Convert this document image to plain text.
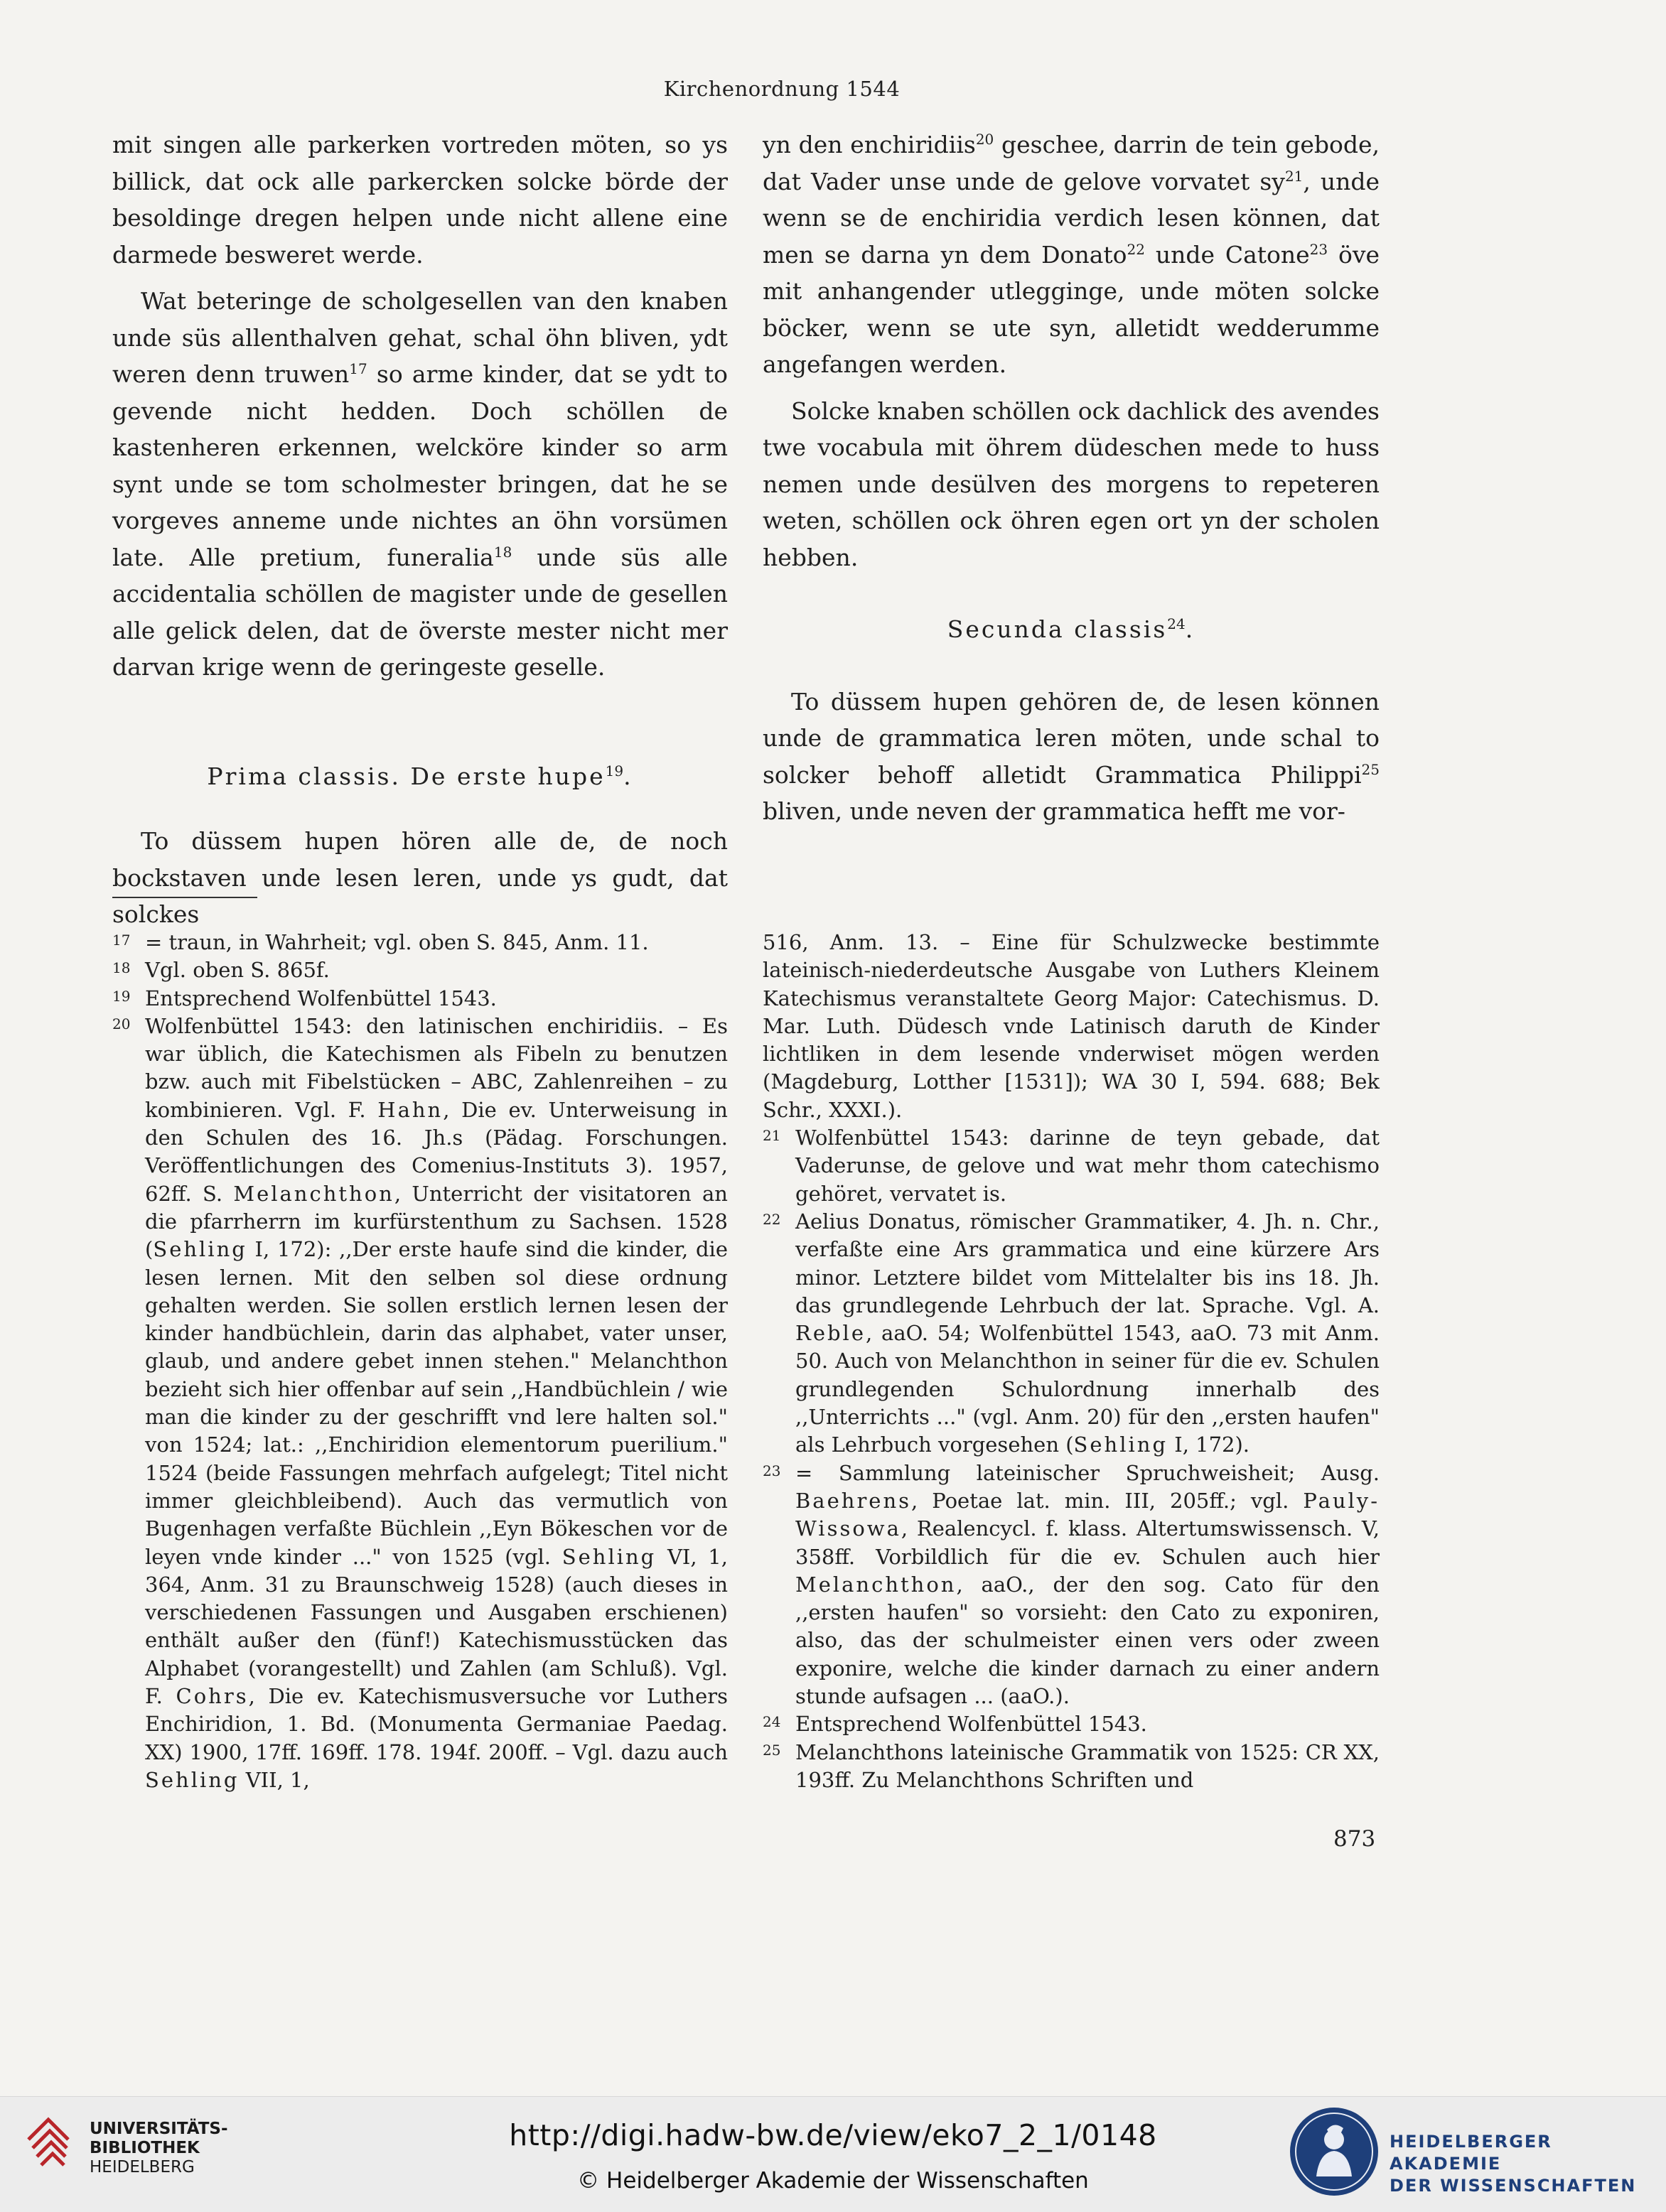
Kirchenordnung 1544

mit singen alle parkerken vortreden möten, so ys billick, dat ock alle parkercken solcke börde der besoldinge dregen helpen unde nicht allene eine darmede besweret werde.

Wat beteringe de scholgesellen van den knaben unde süs allenthalven gehat, schal öhn bliven, ydt weren denn truwen$^{17}$ so arme kinder, dat se ydt to gevende nicht hedden. Doch schöllen de kastenheren erkennen, welcköre kinder so arm synt unde se tom scholmester bringen, dat he se vorgeves anneme unde nichtes an öhn vorsümen late. Alle pretium, funeralia$^{18}$ unde süs alle accidentalia schöllen de magister unde de gesellen alle gelick delen, dat de överste mester nicht mer darvan krige wenn de geringeste geselle.

Prima classis. De erste hupe$^{19}$.

To düssem hupen hören alle de, de noch bockstaven unde lesen leren, unde ys gudt, dat solckes

yn den enchiridiis$^{20}$ geschee, darrin de tein gebode, dat Vader unse unde de gelove vorvatet $sy^{21}$, unde wenn se de enchiridia verdich lesen können, dat men se darna yn dem Donato$^{22}$ unde Catone$^{23}$ öve mit anhangender utlegginge, unde möten solcke böcker, wenn se ute syn, alletidt wedderumme angefangen werden.

Solcke knaben schöllen ock dachlick des avendes twe vocabula mit öhrem düdeschen mede to huss nemen unde desülven des morgens to repeteren weten, schöllen ock öhren egen ort yn der scholen hebben.

Secunda classis$^{24}$.

To düssem hupen gehören de, de lesen können unde de grammatica leren möten, unde schal to solcker behoff alletidt Grammatica Philippi$^{25}$ bliven, unde neven der grammatica hefft me vor-

17 = traun, in Wahrheit; vgl. oben S. 845, Anm. 11.

18 Vgl. oben S. 865f.

19 Entsprechend Wolfenbüttel 1543.

20 Wolfenbüttel 1543: den latinischen enchiridiis. – Es war üblich, die Katechismen als Fibeln zu benutzen bzw. auch mit Fibelstücken – ABC, Zahlenreihen – zu kombinieren. Vgl. F. Hahn, Die ev. Unterweisung in den Schulen des 16. Jh.s (Pädag. Forschungen. Veröffentlichungen des Comenius-Instituts 3). 1957, 62ff. S. Melanchthon, Unterricht der visitatoren an die pfarrherrn im kurfürstenthum zu Sachsen. 1528 (Sehling I, 172): ,,Der erste haufe sind die kinder, die lesen lernen. Mit den selben sol diese ordnung gehalten werden. Sie sollen erstlich lernen lesen der kinder handbüchlein, darin das alphabet, vater unser, glaub, und andere gebet innen stehen." Melanchthon bezieht sich hier offenbar auf sein ,,Handbüchlein / wie man die kinder zu der geschrifft vnd lere halten sol." von 1524; lat.: ,,Enchiridion elementorum puerilium." 1524 (beide Fassungen mehrfach aufgelegt; Titel nicht immer gleichbleibend). Auch das vermutlich von Bugenhagen verfaßte Büchlein ,,Eyn Bökeschen vor de leyen vnde kinder ..." von 1525 (vgl. Sehling VI, 1, 364, Anm. 31 zu Braunschweig 1528) (auch dieses in verschiedenen Fassungen und Ausgaben erschienen) enthält außer den (fünf!) Katechismusstücken das Alphabet (vorangestellt) und Zahlen (am Schluß). Vgl. F. Cohrs, Die ev. Katechismusversuche vor Luthers Enchiridion, 1. Bd. (Monumenta Germaniae Paedag. XX) 1900, 17ff. 169ff. 178. 194f. 200ff. – Vgl. dazu auch Sehling VII, 1,

516, Anm. 13. – Eine für Schulzwecke bestimmte lateinisch-niederdeutsche Ausgabe von Luthers Kleinem Katechismus veranstaltete Georg Major: Catechismus. D. Mar. Luth. Düdesch vnde Latinisch daruth de Kinder lichtliken in dem lesende vnderwiset mögen werden (Magdeburg, Lotther [1531]); WA 30 I, 594. 688; Bek Schr., XXXI.).

21 Wolfenbüttel 1543: darinne de teyn gebade, dat Vaderunse, de gelove und wat mehr thom catechismo gehöret, vervatet is.

22 Aelius Donatus, römischer Grammatiker, 4. Jh. n. Chr., verfaßte eine Ars grammatica und eine kürzere Ars minor. Letztere bildet vom Mittelalter bis ins 18. Jh. das grundlegende Lehrbuch der lat. Sprache. Vgl. A. Reble, aaO. 54; Wolfenbüttel 1543, aaO. 73 mit Anm. 50. Auch von Melanchthon in seiner für die ev. Schulen grundlegenden Schulordnung innerhalb des ,,Unterrichts ..." (vgl. Anm. 20) für den ,,ersten haufen" als Lehrbuch vorgesehen (Sehling I, 172).

23 = Sammlung lateinischer Spruchweisheit; Ausg. Baehrens, Poetae lat. min. III, 205ff.; vgl. Pauly-Wissowa, Realencycl. f. klass. Altertumswissensch. V, 358ff. Vorbildlich für die ev. Schulen auch hier Melanchthon, aaO., der den sog. Cato für den ,,ersten haufen" so vorsieht: den Cato zu exponiren, also, das der schulmeister einen vers oder zween exponire, welche die kinder darnach zu einer andern stunde aufsagen ... (aaO.).

24 Entsprechend Wolfenbüttel 1543.

25 Melanchthons lateinische Grammatik von 1525: CR XX, 193ff. Zu Melanchthons Schriften und

873
UNIVERSITÄTS-
BIBLIOTHEK
HEIDELBERG
http://digi.hadw-bw.de/view/eko7_2_1/0148
© Heidelberger Akademie der Wissenschaften
HEIDELBERGER AKADEMIE
DER WISSENSCHAFTEN
